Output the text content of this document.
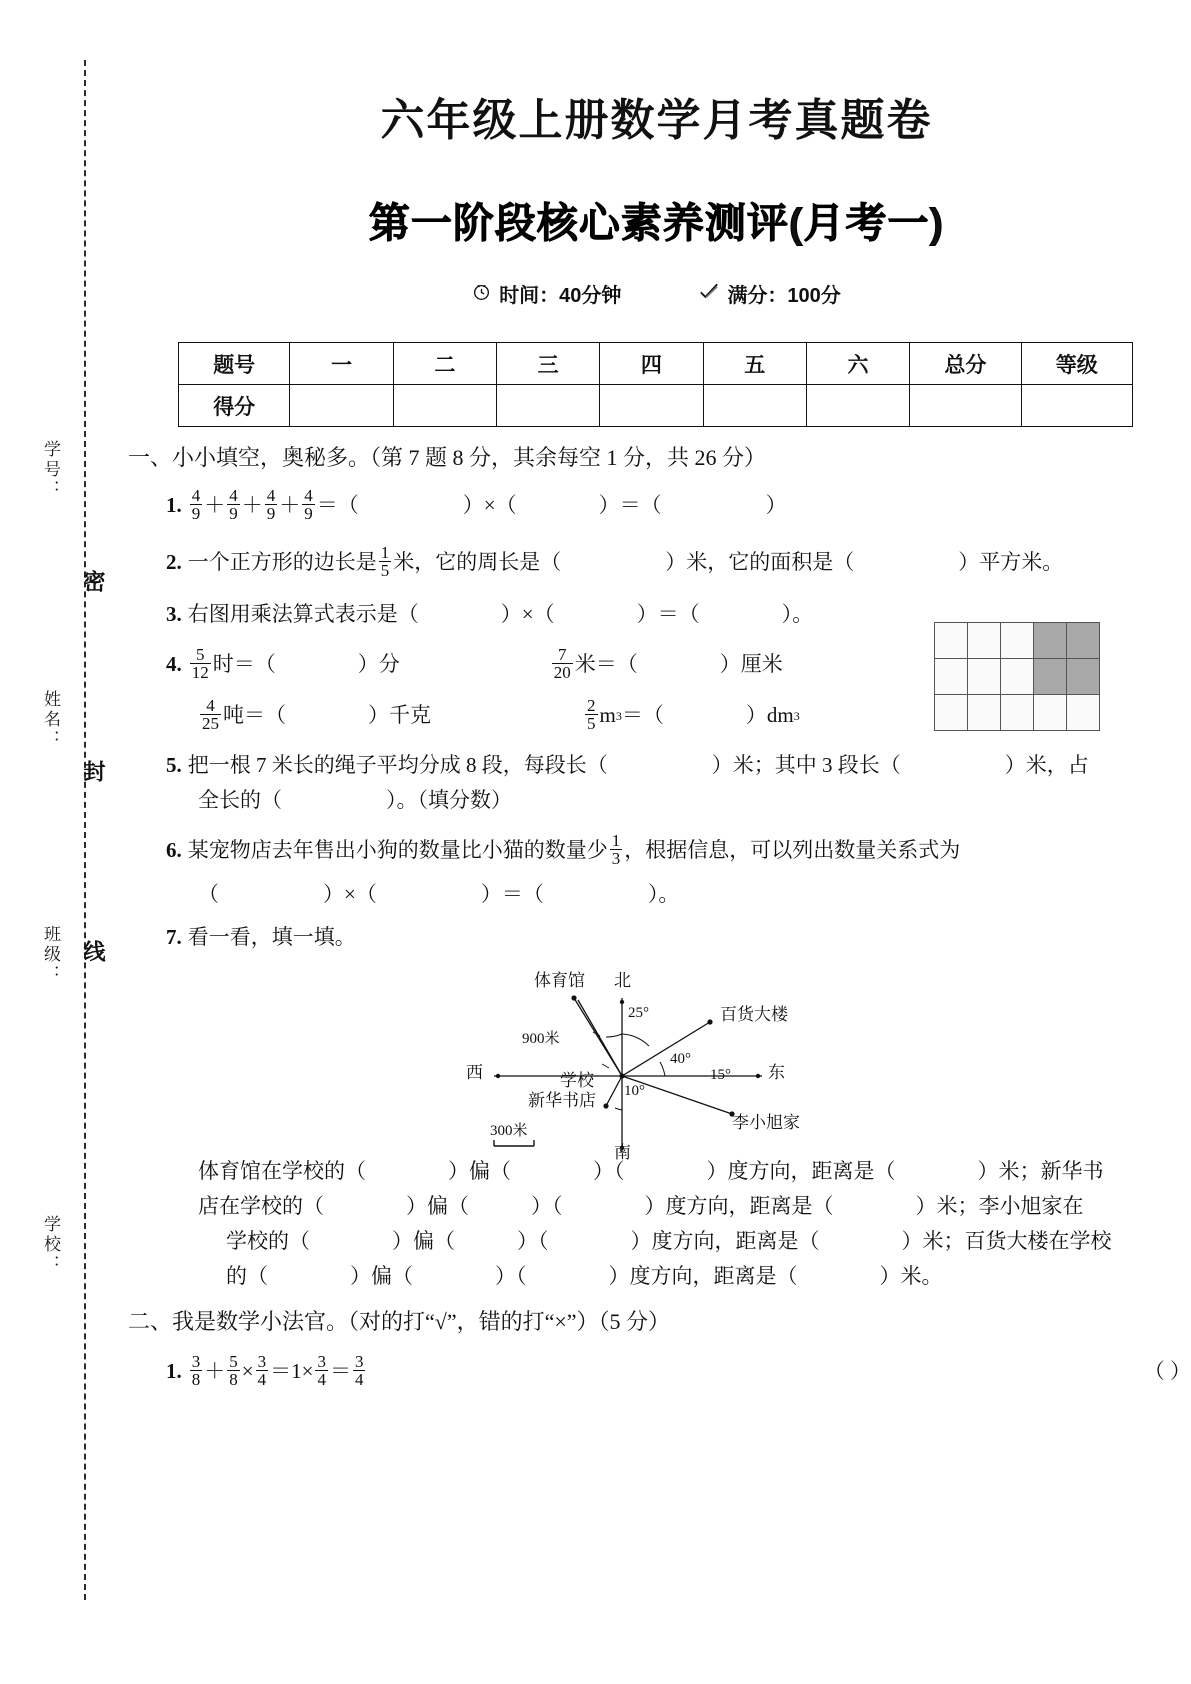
学号：
密
姓名：
封
线
班级：
学校：
六年级上册数学月考真题卷
第一阶段核心素养测评(月考一)
时间：40分钟	满分：100分
题号	一	二	三	四	五	六	总分	等级
得分								
一、小小填空，奥秘多。（第 7 题 8 分，其余每空 1 分，共 26 分）
1. $\frac{4}{9} + \frac{4}{9} + \frac{4}{9} + \frac{4}{9}$ ＝（	）×（	）＝（	）
2. 一个正方形的边长是 $\frac{1}{5}$ 米，它的周长是（	）米，它的面积是（	）平方米。
3. 右图用乘法算式表示是（	）×（	）＝（	）。

4. $\frac{5}{12}$ 时 ＝（	）分	$\frac{7}{20}$ 米 ＝（	）厘米
$\frac{4}{25}$ 吨 ＝（	）千克	$\frac{2}{5}$ m 3 ＝（	）dm 3
5. 把一根 7 米长的绳子平均分成 8 段，每段长（	）米；其中 3 段长（	）米，占
全长的（	）。（填分数）
6. 某宠物店去年售出小狗的数量比小猫的数量少 $\frac{1}{3}$ ，根据信息，可以列出数量关系式为
（	）×（	）＝（	）。
7. 看一看，填一填。
体育馆 北
25°
900米
百货大楼
40°
15°
李小旭家
10°
新华书店
学校
西	东
南
300米
体育馆在学校的（	）偏（	）（	）度方向，距离是（	）米；新华书
店在学校的（	）偏（	）（	）度方向，距离是（	）米；李小旭家在
学校的（	）偏（	）（	）度方向，距离是（	）米；百货大楼在学校
的（	）偏（	）（	）度方向，距离是（	）米。
二、我是数学小法官。（对的打“√”，错的打“×”）（5 分）
1. $\frac{3}{8} + \frac{5}{8} \times \frac{3}{4} =1\times \frac{3}{4} = \frac{3}{4}$	（ ）
